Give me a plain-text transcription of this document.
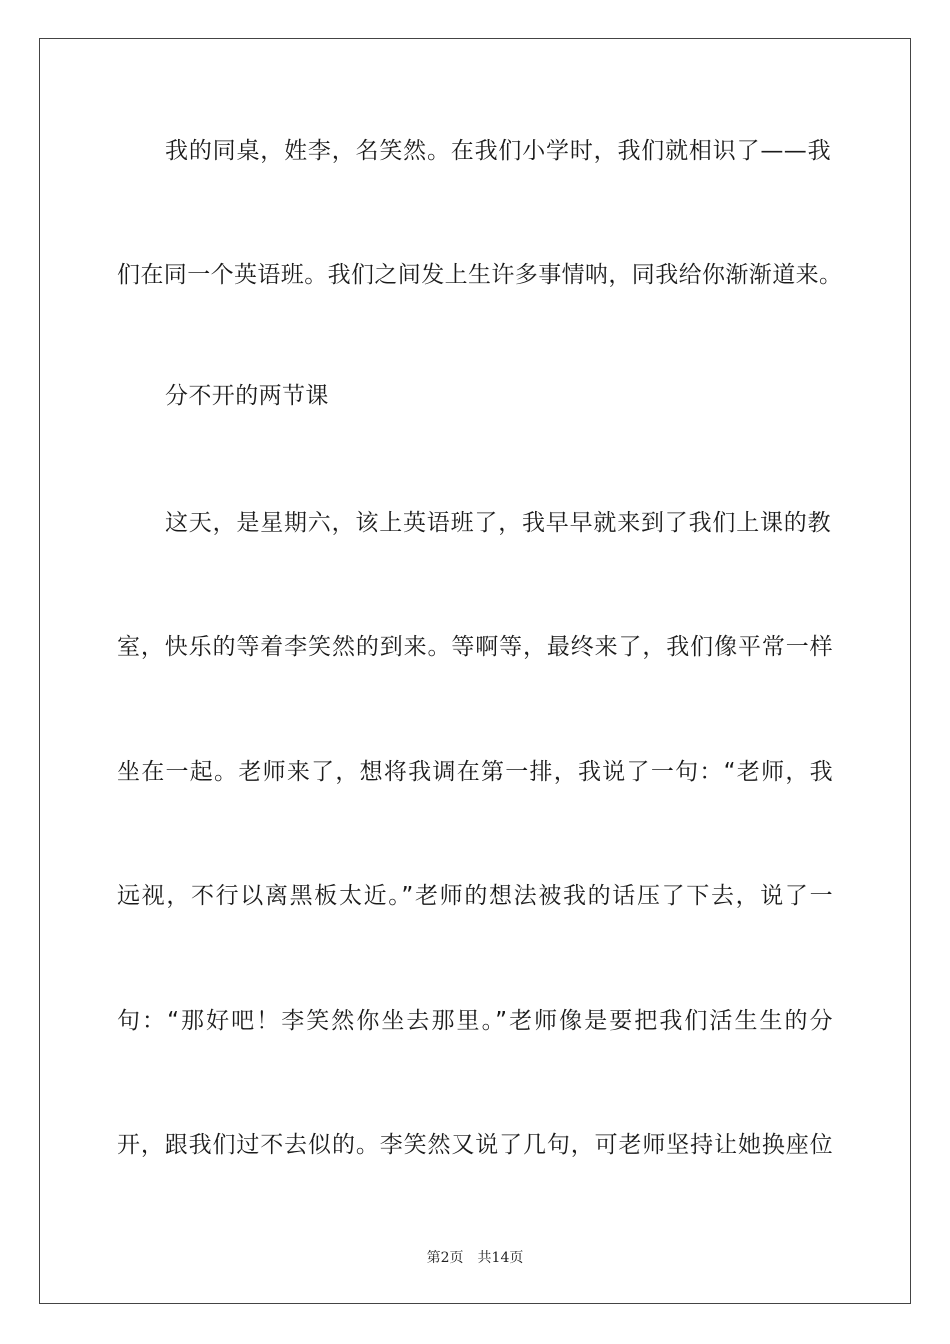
我的同桌，姓李，名笑然。在我们小学时，我们就相识了——我
们在同一个英语班。我们之间发上生许多事情呐，同我给你渐渐道来。
分不开的两节课
这天，是星期六，该上英语班了，我早早就来到了我们上课的教
室，快乐的等着李笑然的到来。等啊等，最终来了，我们像平常一样
坐在一起。老师来了，想将我调在第一排，我说了一句：“老师，我
远视，不行以离黑板太近。”老师的想法被我的话压了下去，说了一
句：“那好吧！李笑然你坐去那里。”老师像是要把我们活生生的分
开，跟我们过不去似的。李笑然又说了几句，可老师坚持让她换座位
第2页 共14页
